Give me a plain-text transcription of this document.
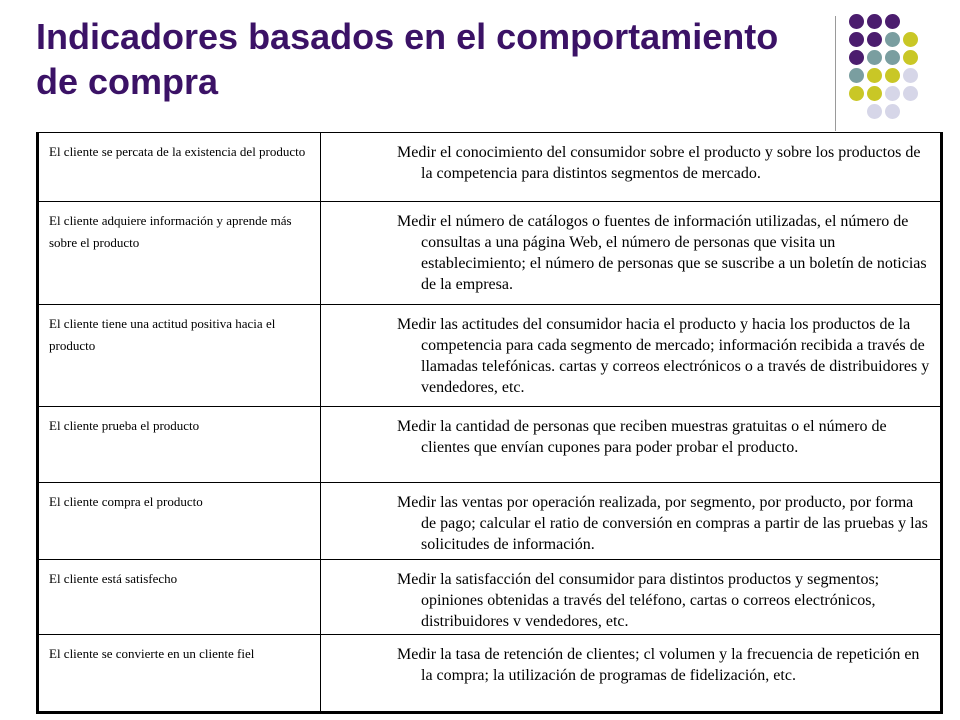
Indicadores basados en el comportamiento de compra
El cliente se percata de la existencia del producto	Medir el conocimiento del consumidor sobre el producto y sobre los productos de la competencia para distintos segmentos de mercado.

El cliente adquiere información y aprende más sobre el producto	Medir el número de catálogos o fuentes de información utilizadas, el número de consultas a una página Web, el número de personas que visita un establecimiento; el número de personas que se suscribe a un boletín de noticias de la empresa.

El cliente tiene una actitud positiva hacia el producto	Medir las actitudes del consumidor hacia el producto y hacia los productos de la competencia para cada segmento de mercado; información recibida a través de llamadas telefónicas. cartas y correos electrónicos o a través de distribuidores y vendedores, etc.

El cliente prueba el producto	Medir la cantidad de personas que reciben muestras gratuitas o el número de clientes que envían cupones para poder probar el producto.

El cliente compra el producto	Medir las ventas por operación realizada, por segmento, por producto, por forma de pago; calcular el ratio de conversión en compras a partir de las pruebas y las solicitudes de información.

El cliente está satisfecho	Medir la satisfacción del consumidor para distintos productos y segmentos; opiniones obtenidas a través del teléfono, cartas o correos electrónicos, distribuidores v vendedores, etc.

El cliente se convierte en un cliente fiel	Medir la tasa de retención de clientes; cl volumen y la frecuencia de repetición en la compra; la utilización de programas de fidelización, etc.
